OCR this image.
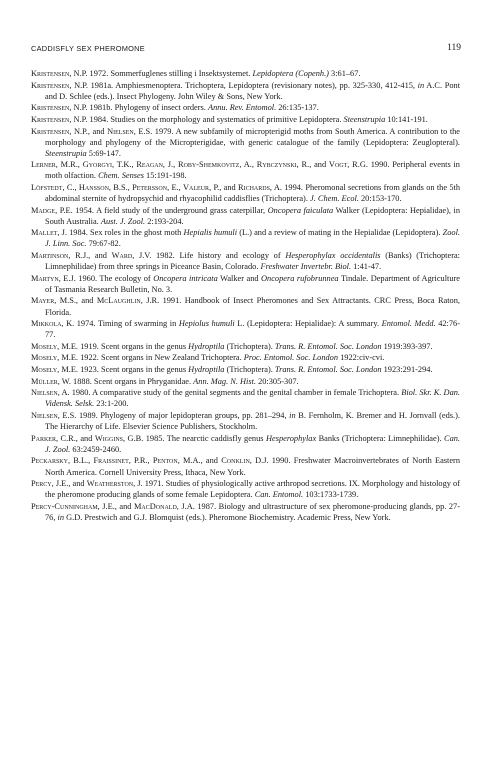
CADDISFLY SEX PHEROMONE	119

Kristensen, N.P. 1972. Sommerfuglenes stilling i Insektsystemet. Lepidoptera (Copenh.) 3:61–67.

Kristensen, N.P. 1981a. Amphiesmenoptera. Trichoptera, Lepidoptera (revisionary notes), pp. 325-330, 412-415, in A.C. Pont and D. Schlee (eds.). Insect Phylogeny. John Wiley & Sons, New York.

Kristensen, N.P. 1981b. Phylogeny of insect orders. Annu. Rev. Entomol. 26:135-137.

Kristensen, N.P. 1984. Studies on the morphology and systematics of primitive Lepidoptera. Steenstrupia 10:141-191.

Kristensen, N.P., and Nielsen, E.S. 1979. A new subfamily of micropterigid moths from South America. A contribution to the morphology and phylogeny of the Micropterigidae, with generic catalogue of the family (Lepidoptera: Zeuglopteral). Steenstrupia 5:69-147.

Lerner, M.R., Gyorgyi, T.K., Reagan, J., Roby-Shemkovitz, A., Rybczynski, R., and Vogt, R.G. 1990. Peripheral events in moth olfaction. Chem. Senses 15:191-198.

Löfstedt, C., Hansson, B.S., Petersson, E., Valeur, P., and Richards, A. 1994. Pheromonal secretions from glands on the 5th abdominal sternite of hydropsychid and rhyacophilid caddisflies (Trichoptera). J. Chem. Ecol. 20:153-170.

Madge, P.E. 1954. A field study of the underground grass caterpillar, Oncopera faiculata Walker (Lepidoptera: Hepialidae), in South Australia. Aust. J. Zool. 2:193-204.

Mallet, J. 1984. Sex roles in the ghost moth Hepialis humuli (L.) and a review of mating in the Hepialidae (Lepidoptera). Zool. J. Linn. Soc. 79:67-82.

Martinson, R.J., and Ward, J.V. 1982. Life history and ecology of Hesperophylax occidentalis (Banks) (Trichoptera: Limnephilidae) from three springs in Piceance Basin, Colorado. Freshwater Invertebr. Biol. 1:41-47.

Martyn, E.J. 1960. The ecology of Oncopera intricata Walker and Oncopera rufobrunnea Tindale. Department of Agriculture of Tasmania Research Bulletin, No. 3.

Mayer, M.S., and McLaughlin, J.R. 1991. Handbook of Insect Pheromones and Sex Attractants. CRC Press, Boca Raton, Florida.

Mikkola, K. 1974. Timing of swarming in Hepiolus humuli L. (Lepidoptera: Hepialidae): A summary. Entomol. Medd. 42:76-77.

Mosely, M.E. 1919. Scent organs in the genus Hydroptila (Trichoptera). Trans. R. Entomol. Soc. London 1919:393-397.

Mosely, M.E. 1922. Scent organs in New Zealand Trichoptera. Proc. Entomol. Soc. London 1922:civ-cvi.

Mosely, M.E. 1923. Scent organs in the genus Hydroptila (Trichoptera). Trans. R. Entomol. Soc. London 1923:291-294.

Müller, W. 1888. Scent organs in Phryganidae. Ann. Mag. N. Hist. 20:305-307.

Nielsen, A. 1980. A comparative study of the genital segments and the genital chamber in female Trichoptera. Biol. Skr. K. Dan. Vidensk. Selsk. 23:1-200.

Nielsen, E.S. 1989. Phylogeny of major lepidopteran groups, pp. 281–294, in B. Fernholm, K. Bremer and H. Jornvall (eds.). The Hierarchy of Life. Elsevier Science Publishers, Stockholm.

Parker, C.R., and Wiggins, G.B. 1985. The nearctic caddisfly genus Hesperophylax Banks (Trichoptera: Limnephilidae). Can. J. Zool. 63:2459-2460.

Peckarsky, B.L., Fraissinet, P.R., Penton, M.A., and Conklin, D.J. 1990. Freshwater Macroinvertebrates of North Eastern North America. Cornell University Press, Ithaca, New York.

Percy, J.E., and Weatherston, J. 1971. Studies of physiologically active arthropod secretions. IX. Morphology and histology of the pheromone producing glands of some female Lepidoptera. Can. Entomol. 103:1733-1739.

Percy-Cunningham, J.E., and MacDonald, J.A. 1987. Biology and ultrastructure of sex pheromone-producing glands, pp. 27-76, in G.D. Prestwich and G.J. Blomquist (eds.). Pheromone Biochemistry. Academic Press, New York.
